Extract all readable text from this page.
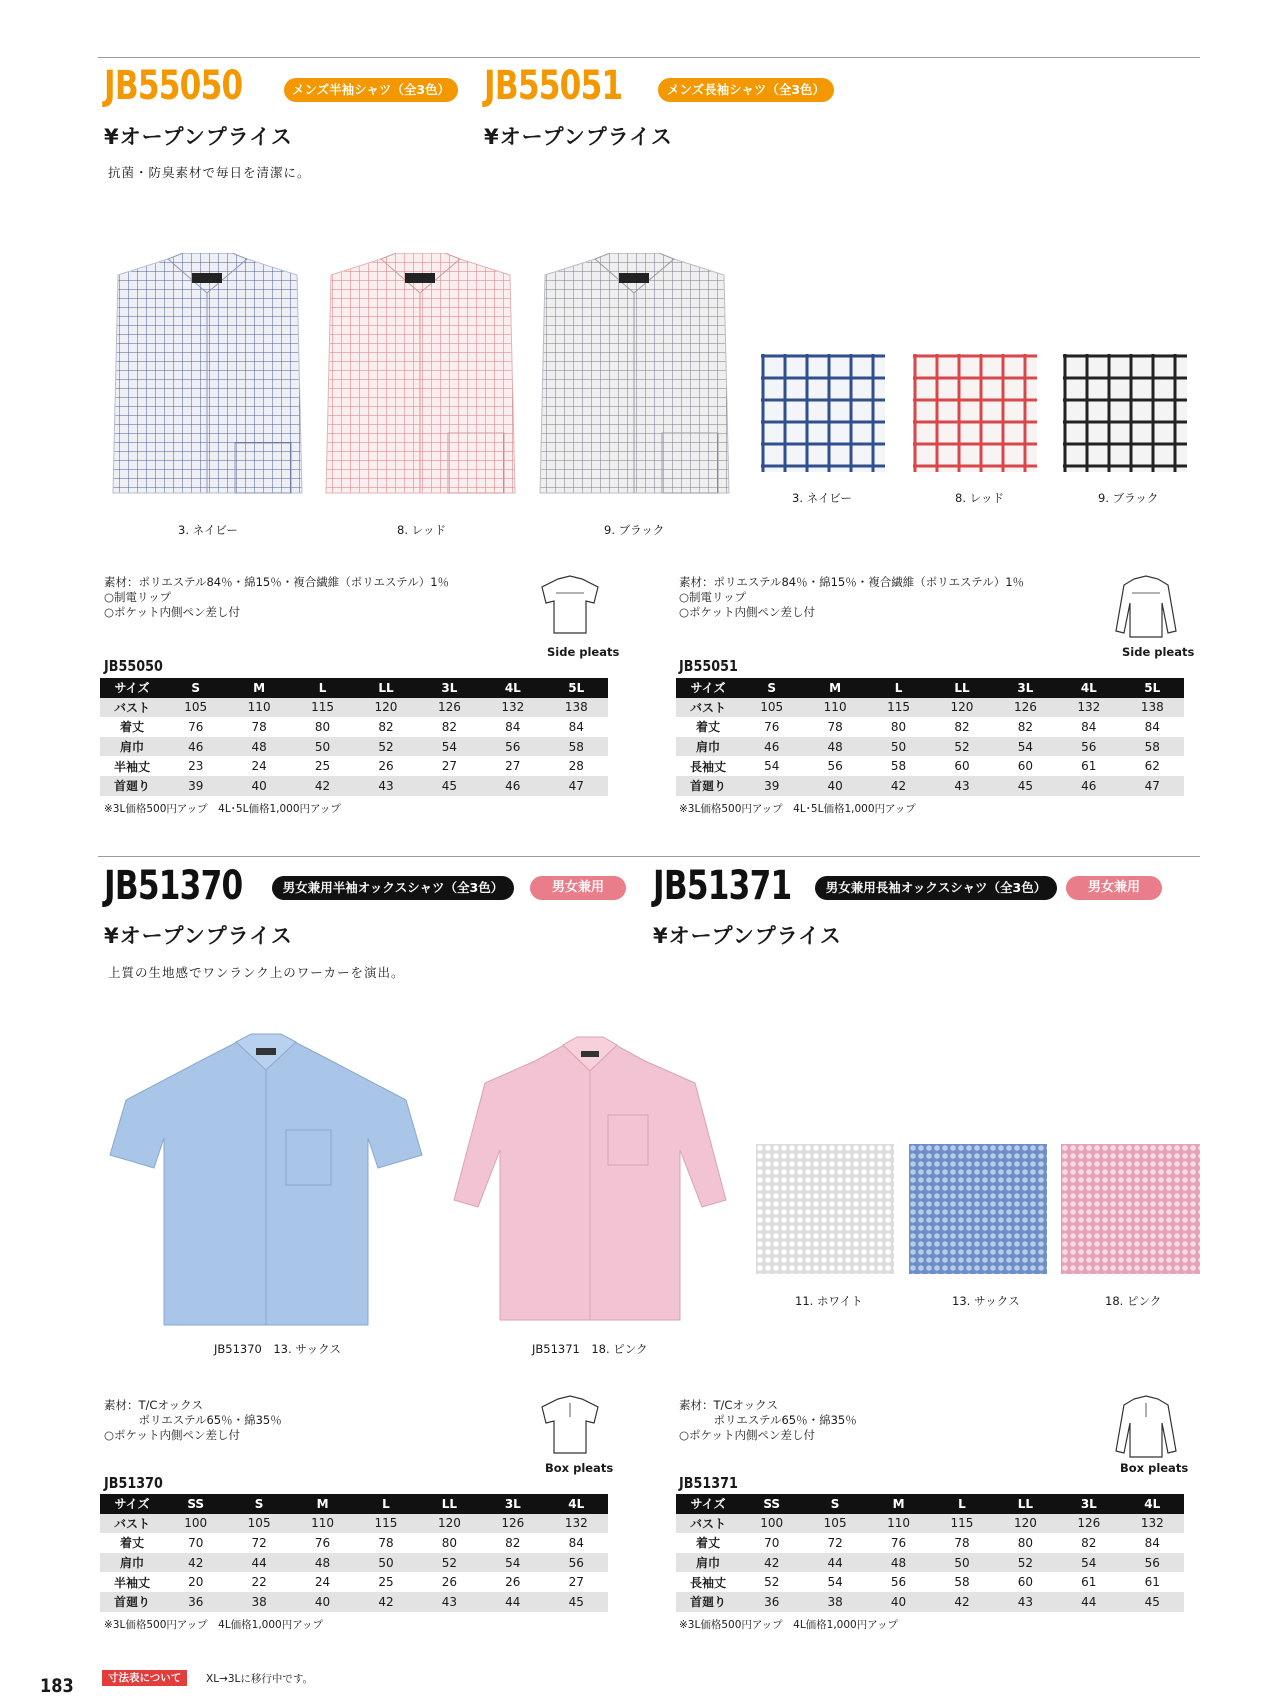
JB55050	メンズ半袖シャツ（全3色）
¥オープンプライス
JB55051	メンズ長袖シャツ（全3色）
¥オープンプライス
抗菌・防臭素材で毎日を清潔に。
3. ネイビー	8. レッド	9. ブラック
3. ネイビー	8. レッド	9. ブラック
素材：ポリエステル84％・綿15％・複合繊維（ポリエステル）1％
○制電リップ
○ポケット内側ペン差し付
素材：ポリエステル84％・綿15％・複合繊維（ポリエステル）1％
○制電リップ
○ポケット内側ペン差し付
Side pleats	Side pleats
JB55050
サイズ	S	M	L	LL	3L	4L	5L
バスト	105	110	115	120	126	132	138
着丈	76	78	80	82	82	84	84
肩巾	46	48	50	52	54	56	58
半袖丈	23	24	25	26	27	27	28
首廻り	39	40	42	43	45	46	47
※3L価格500円アップ　4L･5L価格1,000円アップ
JB55051
サイズ	S	M	L	LL	3L	4L	5L
バスト	105	110	115	120	126	132	138
着丈	76	78	80	82	82	84	84
肩巾	46	48	50	52	54	56	58
長袖丈	54	56	58	60	60	61	62
首廻り	39	40	42	43	45	46	47
※3L価格500円アップ　4L･5L価格1,000円アップ
JB51370	男女兼用半袖オックスシャツ（全3色）	男女兼用
¥オープンプライス
JB51371	男女兼用長袖オックスシャツ（全3色）	男女兼用
¥オープンプライス
上質の生地感でワンランク上のワーカーを演出。
JB51370　13. サックス	JB51371　18. ピンク
11. ホワイト	13. サックス	18. ピンク
素材：T/Cオックス
　　　ポリエステル65％・綿35％
○ポケット内側ペン差し付
素材：T/Cオックス
　　　ポリエステル65％・綿35％
○ポケット内側ペン差し付
Box pleats	Box pleats
JB51370
サイズ	SS	S	M	L	LL	3L	4L
バスト	100	105	110	115	120	126	132
着丈	70	72	76	78	80	82	84
肩巾	42	44	48	50	52	54	56
半袖丈	20	22	24	25	26	26	27
首廻り	36	38	40	42	43	44	45
※3L価格500円アップ　4L価格1,000円アップ
JB51371
サイズ	SS	S	M	L	LL	3L	4L
バスト	100	105	110	115	120	126	132
着丈	70	72	76	78	80	82	84
肩巾	42	44	48	50	52	54	56
長袖丈	52	54	56	58	60	61	61
首廻り	36	38	40	42	43	44	45
※3L価格500円アップ　4L価格1,000円アップ
183	寸法表について	XL→3Lに移行中です。
